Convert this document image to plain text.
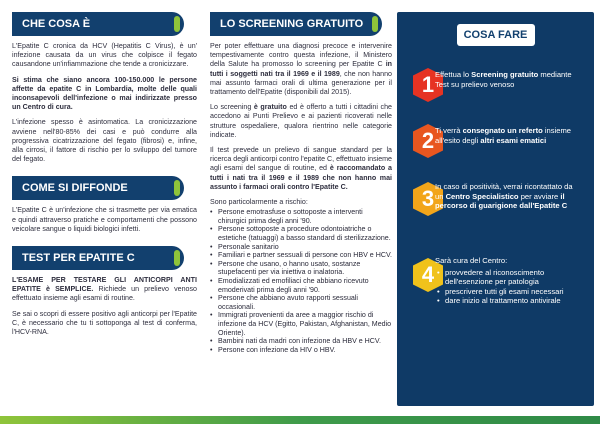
CHE COSA È
L'Epatite C cronica da HCV (Hepatitis C Virus), è un' infezione causata da un virus che colpisce il fegato causandone un'infiammazione che tende a cronicizzare.
Si stima che siano ancora 100-150.000 le persone affette da epatite C in Lombardia, molte delle quali inconsapevoli dell'infezione o mai indirizzate presso un Centro di cura.
L'infezione spesso è asintomatica. La cronicizzazione avviene nell'80-85% dei casi e può condurre alla progressiva cicatrizzazione del fegato (fibrosi) e, infine, alla cirrosi, il fattore di rischio per lo sviluppo del tumore del fegato.
COME SI DIFFONDE
L'Epatite C è un'infezione che si trasmette per via ematica e quindi attraverso pratiche e comportamenti che possono veicolare sangue o liquidi biologici infetti.
TEST PER EPATITE C
L'ESAME PER TESTARE GLI ANTICORPI ANTI EPATITE è SEMPLICE. Richiede un prelievo venoso effettuato insieme agli esami di routine.
Se sai o scopri di essere positivo agli anticorpi per l'Epatite C, è necessario che tu ti sottoponga al test di conferma, l'HCV-RNA.
LO SCREENING GRATUITO
Per poter effettuare una diagnosi precoce e intervenire tempestivamente contro questa infezione, il Ministero della Salute ha promosso lo screening per Epatite C in tutti i soggetti nati tra il 1969 e il 1989, che non hanno mai assunto farmaci orali di ultima generazione per il trattamento dell'Epatite (disponibili dal 2015).
Lo screening è gratuito ed è offerto a tutti i cittadini che accedono ai Punti Prelievo e ai pazienti ricoverati nelle strutture ospedaliere, qualora rientrino nelle categorie indicate.
Il test prevede un prelievo di sangue standard per la ricerca degli anticorpi contro l'epatite C, effettuato insieme agli esami del sangue di routine, ed è raccomandato a tutti i nati tra il 1969 e il 1989 che non hanno mai assunto i farmaci orali contro l'Epatite C.
Sono particolarmente a rischio:
• Persone emotrasfuse o sottoposte a interventi chirurgici prima degli anni '90.
• Persone sottoposte a procedure odontoiatriche o estetiche (tatuaggi) a basso standard di sterilizzazione.
• Personale sanitario
• Familiari e partner sessuali di persone con HBV e HCV.
• Persone che usano, o hanno usato, sostanze stupefacenti per via iniettiva o inalatoria.
• Emodializzati ed emofiliaci che abbiano ricevuto emoderivati prima degli anni '90.
• Persone che abbiano avuto rapporti sessuali occasionali.
• Immigrati provenienti da aree a maggior rischio di infezione da HCV (Egitto, Pakistan, Afghanistan, Medio Oriente).
• Bambini nati da madri con infezione da HBV e HCV.
• Persone con infezione da HIV o HBV.
COSA FARE
1 Effettua lo Screening gratuito mediante Test su prelievo venoso
2 Ti verrà consegnato un referto insieme all'esito degli altri esami ematici
3 In caso di positività, verrai ricontattato da un Centro Specialistico per avviare il percorso di guarigione dall'Epatite C
4
Sarà cura del Centro:
• provvedere al riconoscimento dell'esenzione per patologia
• prescrivere tutti gli esami necessari
• dare inizio al trattamento antivirale
